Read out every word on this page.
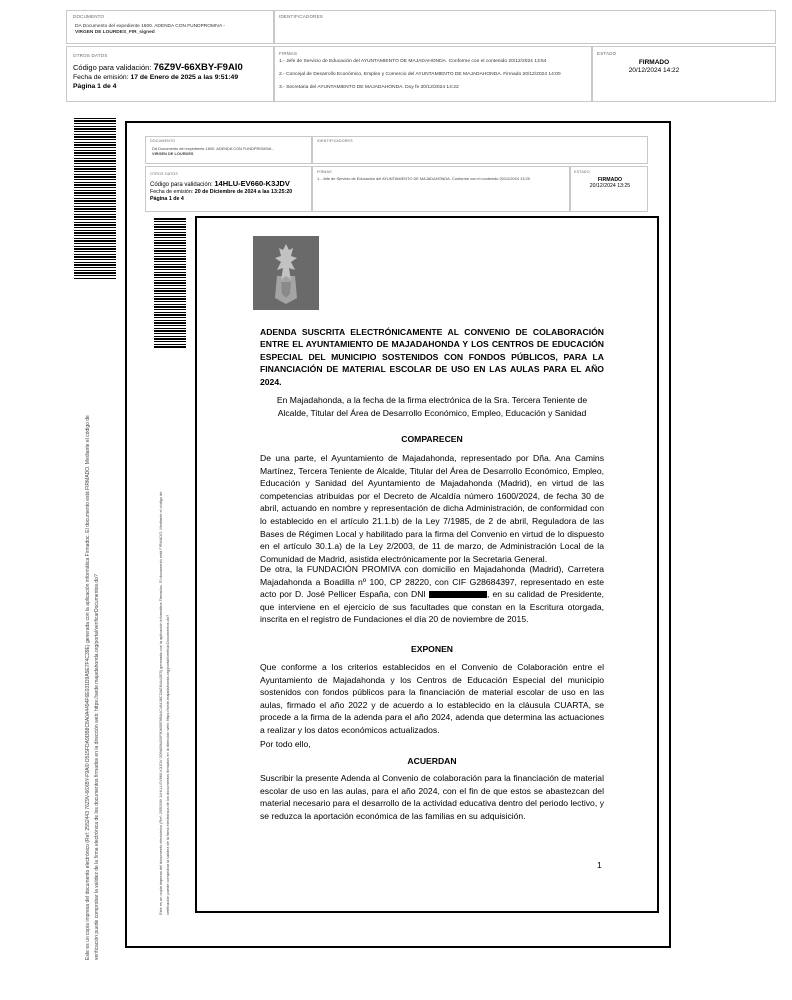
DOCUMENTO
DA Documento del expediente 1600. ADENDA CON FUNDPROMIVA -
VIRGEN DE LOURDES_FIR_signed
IDENTIFICADORES
OTROS DATOS
Código para validación: 76Z9V-66XBY-F9AI0
Fecha de emisión: 17 de Enero de 2025 a las 9:51:49
Página 1 de 4
FIRMAS
1.- Jefe de Servicio de Educación del AYUNTAMIENTO DE MAJADAHONDA. Conforme con el contenido 20/12/2024 13:54
2.- Concejal de Desarrollo Económico, Empleo y Comercio del AYUNTAMIENTO DE MAJADAHONDA. Firmado 20/12/2024 14:00
3.- Secretaria del AYUNTAMIENTO DE MAJADAHONDA. Doy fe 20/12/2024 14:22
ESTADO
FIRMADO
20/12/2024 14:22
Este es un copia impresa del documento electrónico (Ref: 2552443 76Z9V-66XBY-F9AI0 D515FDA9DB8C8A0A4494F6E031D9A5E7F4C39E) generada con la aplicación informática Firmadoc. El documento está FIRMADO. Mediante el código de verificación puede comprobar la validez de la firma electrónica de los documentos firmados en la dirección web: https://sede.majadahonda.org/portal/verificarDocumentos.do?
DOCUMENTO
DA Documento del expediente 1600. ADENDA CON FUNDPROMIVA -
VIRGEN DE LOURDES
IDENTIFICADORES
OTROS DATOS
Código para validación: 14HLU-EV660-K3JDV
Fecha de emisión: 20 de Diciembre de 2024 a las 13:25:20
Página 1 de 4
FIRMAS
1.- Jefe de Servicio de Educación del AYUNTAMIENTO DE MAJADAHONDA. Conforme con el contenido 20/12/2024 13:25
ESTADO
FIRMADO
20/12/2024 13:25
Este es un copia impresa del documento electrónico (Ref: 2550390 14HLU-EV660-K3JDV 0D9AB9A50F90650E9BA4C48438CDAE84A43E5) generada con la aplicación informática Firmadoc. El documento está FIRMADO. Mediante el código de verificación puede comprobar la validez de la firma electrónica de los documentos firmados en la dirección web: https://sede.majadahonda.org/portal/verificarDocumentos.do?
ADENDA SUSCRITA ELECTRÓNICAMENTE AL CONVENIO DE COLABORACIÓN ENTRE EL AYUNTAMIENTO DE MAJADAHONDA Y LOS CENTROS DE EDUCACIÓN ESPECIAL DEL MUNICIPIO SOSTENIDOS CON FONDOS PÚBLICOS, PARA LA FINANCIACIÓN DE MATERIAL ESCOLAR DE USO EN LAS AULAS PARA EL AÑO 2024.
En Majadahonda, a la fecha de la firma electrónica de la Sra. Tercera Teniente de Alcalde, Titular del Área de Desarrollo Económico, Empleo, Educación y Sanidad
COMPARECEN
De una parte, el Ayuntamiento de Majadahonda, representado por Dña. Ana Camins Martínez, Tercera Teniente de Alcalde, Titular del Área de Desarrollo Económico, Empleo, Educación y Sanidad del Ayuntamiento de Majadahonda (Madrid), en virtud de las competencias atribuidas por el Decreto de Alcaldía número 1600/2024, de fecha 30 de abril, actuando en nombre y representación de dicha Administración, de conformidad con lo establecido en el artículo 21.1.b) de la Ley 7/1985, de 2 de abril, Reguladora de las Bases de Régimen Local y habilitado para la firma del Convenio en virtud de lo dispuesto en el artículo 30.1.a) de la Ley 2/2003, de 11 de marzo, de Administración Local de la Comunidad de Madrid, asistida electrónicamente por la Secretaria General.
De otra, la FUNDACIÓN PROMIVA con domicilio en Majadahonda (Madrid), Carretera Majadahonda a Boadilla nº 100, CP 28220, con CIF G28684397, representado en este acto por D. José Pellicer España, con DNI	, en su calidad de Presidente, que interviene en el ejercicio de sus facultades que constan en la Escritura otorgada, inscrita en el registro de Fundaciones el día 20 de noviembre de 2015.
EXPONEN
Que conforme a los criterios establecidos en el Convenio de Colaboración entre el Ayuntamiento de Majadahonda y los Centros de Educación Especial del municipio sostenidos con fondos públicos para la financiación de material escolar de uso en las aulas, firmado el año 2022 y de acuerdo a lo establecido en la cláusula CUARTA, se procede a la firma de la adenda para el año 2024, adenda que determina las actuaciones a realizar y los datos económicos actualizados.
Por todo ello,
ACUERDAN
Suscribir la presente Adenda al Convenio de colaboración para la financiación de material escolar de uso en las aulas, para el año 2024, con el fin de que estos se abastezcan del material necesario para el desarrollo de la actividad educativa dentro del periodo lectivo, y se reduzca la aportación económica de las familias en su adquisición.
1
